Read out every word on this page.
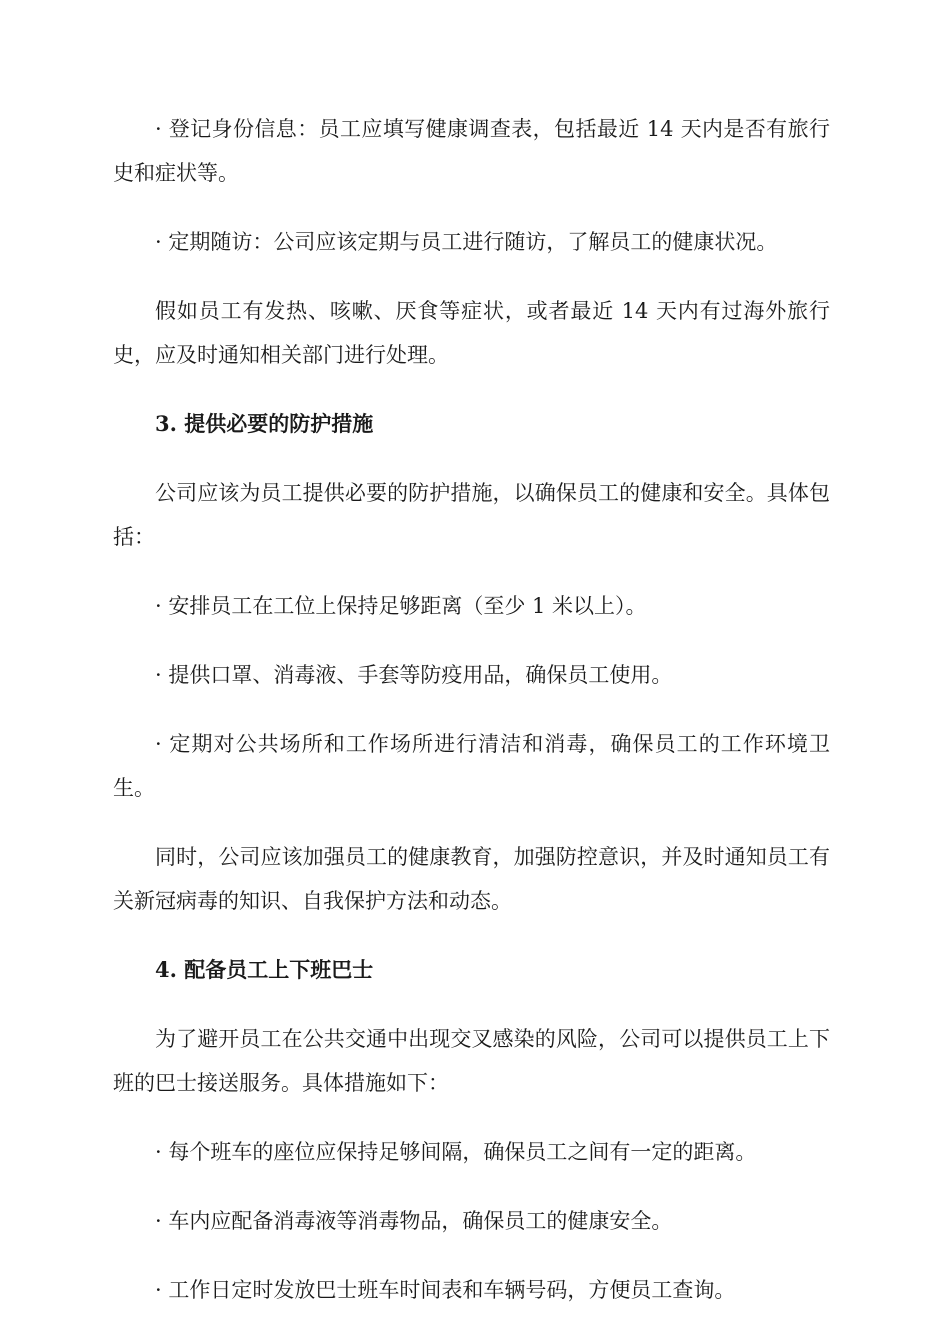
· 登记身份信息：员工应填写健康调查表，包括最近 14 天内是否有旅行史和症状等。

· 定期随访：公司应该定期与员工进行随访，了解员工的健康状况。

假如员工有发热、咳嗽、厌食等症状，或者最近 14 天内有过海外旅行史，应及时通知相关部门进行处理。

3. 提供必要的防护措施

公司应该为员工提供必要的防护措施，以确保员工的健康和安全。具体包括：

· 安排员工在工位上保持足够距离（至少 1 米以上）。

· 提供口罩、消毒液、手套等防疫用品，确保员工使用。

· 定期对公共场所和工作场所进行清洁和消毒，确保员工的工作环境卫生。

同时，公司应该加强员工的健康教育，加强防控意识，并及时通知员工有关新冠病毒的知识、自我保护方法和动态。

4. 配备员工上下班巴士

为了避开员工在公共交通中出现交叉感染的风险，公司可以提供员工上下班的巴士接送服务。具体措施如下：

· 每个班车的座位应保持足够间隔，确保员工之间有一定的距离。

· 车内应配备消毒液等消毒物品，确保员工的健康安全。

· 工作日定时发放巴士班车时间表和车辆号码，方便员工查询。
